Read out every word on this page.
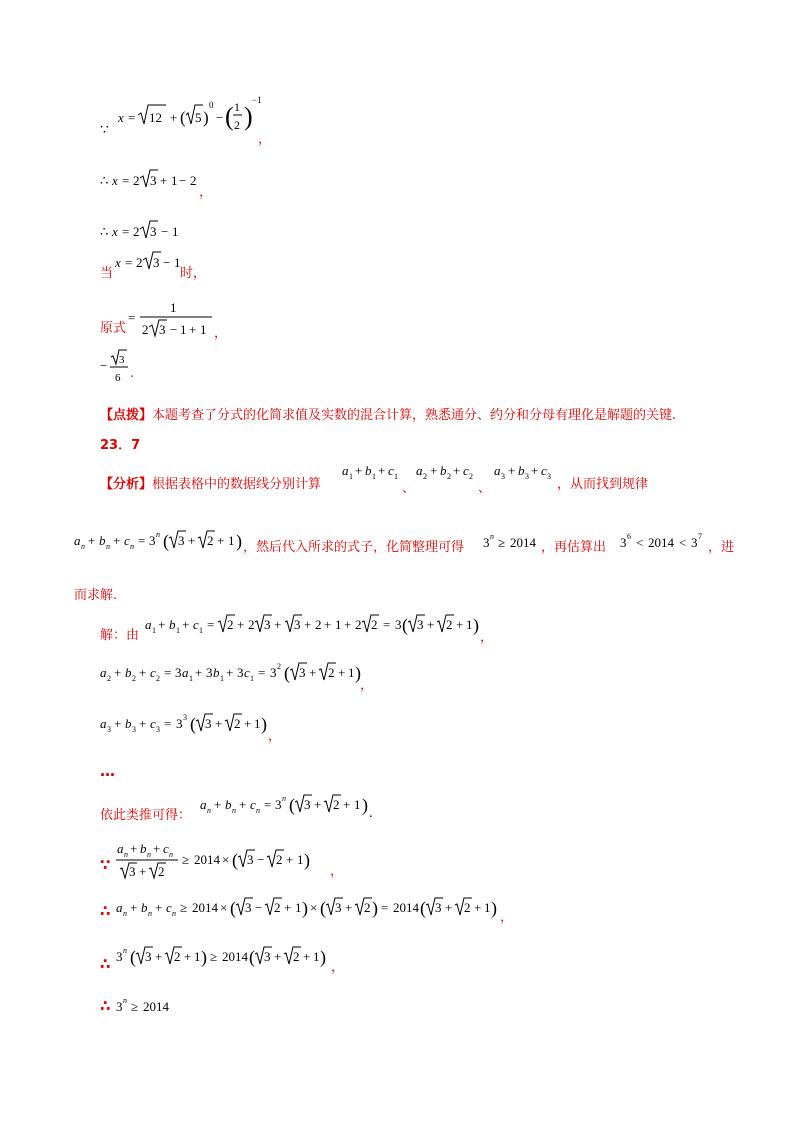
∵
x = 12 + ( 5 )
0
− ( 1
2 )
−1
，
∴ x = 2 3 + 1 − 2
，
∴ x = 2 3 − 1
当
x = 2 3 − 1
时，
原式
=
1
2 3 − 1 + 1 ，
− 3
6 .
【点拨】本题考查了分式的化简求值及实数的混合计算，熟悉通分、约分和分母有理化是解题的关键.
23．7
【分析】根据表格中的数据线分别计算
a 1 + b 1 + c 1
、
a 2 + b 2 + c 2
、
a 3 + b 3 + c 3
，从而找到规律
a n + b n + c n = 3 n ( 3 + 2 + 1 ) ，然后代入所求的式子，化简整理可得 3 n ≥ 2014 ，再估算出 3 6 < 2014 < 3 7
，进
而求解.
解：由
a 1 + b 1 + c 1 = 2 + 2 3 + 3 + 2 + 1 + 2 2 = 3 ( 3 + 2 + 1 )
，
a 2 + b 2 + c 2 = 3 a 1 + 3 b 1 + 3 c 1 = 3 2 ( 3 + 2 + 1 )
，
a 3 + b 3 + c 3 = 3 3 ( 3 + 2 + 1 )
，
…
依此类推可得：
a n + b n + c n = 3 n ( 3 + 2 + 1 ) .
∵
a n + b n + c n
3 + 2
≥ 2014 × ( 3 − 2 + 1 )
，
∴ a n + b n + c n ≥ 2014 × ( 3 − 2 + 1 ) × ( 3 + 2 ) = 2014 ( 3 + 2 + 1 ) ，
∴ 3 n ( 3 + 2 + 1 ) ≥ 2014 ( 3 + 2 + 1 )
，
∴ 3 n ≥ 2014
